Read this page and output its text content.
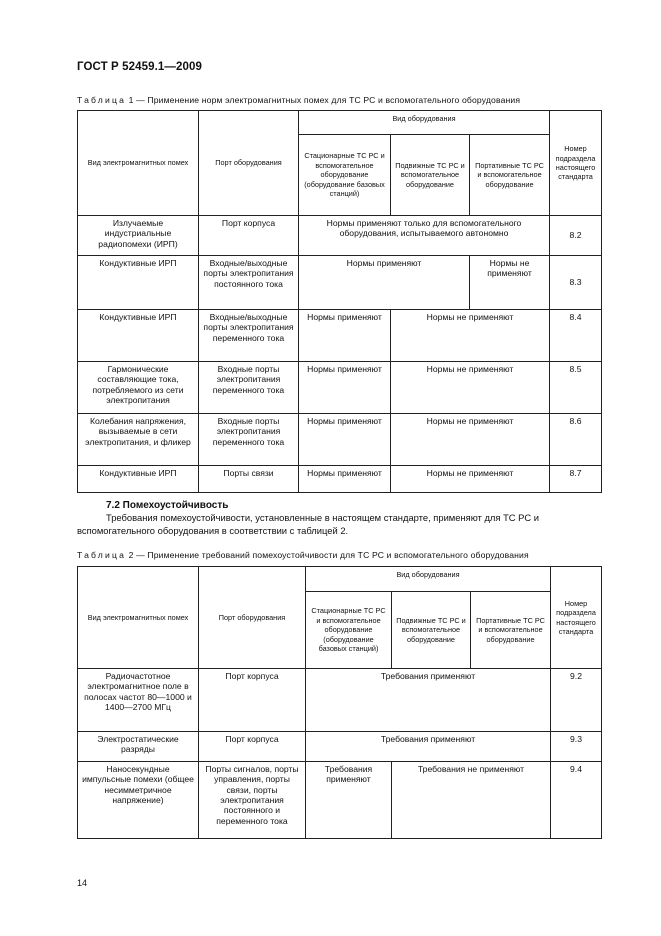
ГОСТ Р 52459.1—2009
Таблица 1 — Применение норм электромагнитных помех для ТС РС и вспомогательного оборудования
Вид электромагнитных помех	Порт оборудования	Вид оборудования			Номер подраздела настоящего стандарта
		Стационарные ТС РС и вспомогательное оборудование (оборудование базовых станций)	Подвижные ТС РС и вспомогательное оборудование	Портативные ТС РС и вспомогательное оборудование	
Излучаемые индустриальные радиопомехи (ИРП)	Порт корпуса	Нормы применяют только для вспомогательного оборудования, испытываемого автономно			8.2
Кондуктивные ИРП	Входные/выходные порты электропитания постоянного тока	Нормы применяют		Нормы не применяют	8.3
Кондуктивные ИРП	Входные/выходные порты электропитания переменного тока	Нормы применяют	Нормы не применяют		8.4
Гармонические составляющие тока, потребляемого из сети электропитания	Входные порты электропитания переменного тока	Нормы применяют	Нормы не применяют		8.5
Колебания напряжения, вызываемые в сети электропитания, и фликер	Входные порты электропитания переменного тока	Нормы применяют	Нормы не применяют		8.6
Кондуктивные ИРП	Порты связи	Нормы применяют	Нормы не применяют		8.7
7.2 Помехоустойчивость
Требования помехоустойчивости, установленные в настоящем стандарте, применяют для ТС РС и вспомогательного оборудования в соответствии с таблицей 2.
Таблица 2 — Применение требований помехоустойчивости для ТС РС и вспомогательного оборудования
Вид электромагнитных помех	Порт оборудования	Вид оборудования			Номер подраздела настоящего стандарта
		Стационарные ТС РС и вспомогательное оборудование (оборудование базовых станций)	Подвижные ТС РС и вспомогательное оборудование	Портативные ТС РС и вспомогательное оборудование	
Радиочастотное электромагнитное поле в полосах частот 80—1000 и 1400—2700 МГц	Порт корпуса	Требования применяют			9.2
Электростатические разряды	Порт корпуса	Требования применяют			9.3
Наносекундные импульсные помехи (общее несимметричное напряжение)	Порты сигналов, порты управления, порты связи, порты электропитания постоянного и переменного тока	Требования применяют	Требования не применяют		9.4
14
